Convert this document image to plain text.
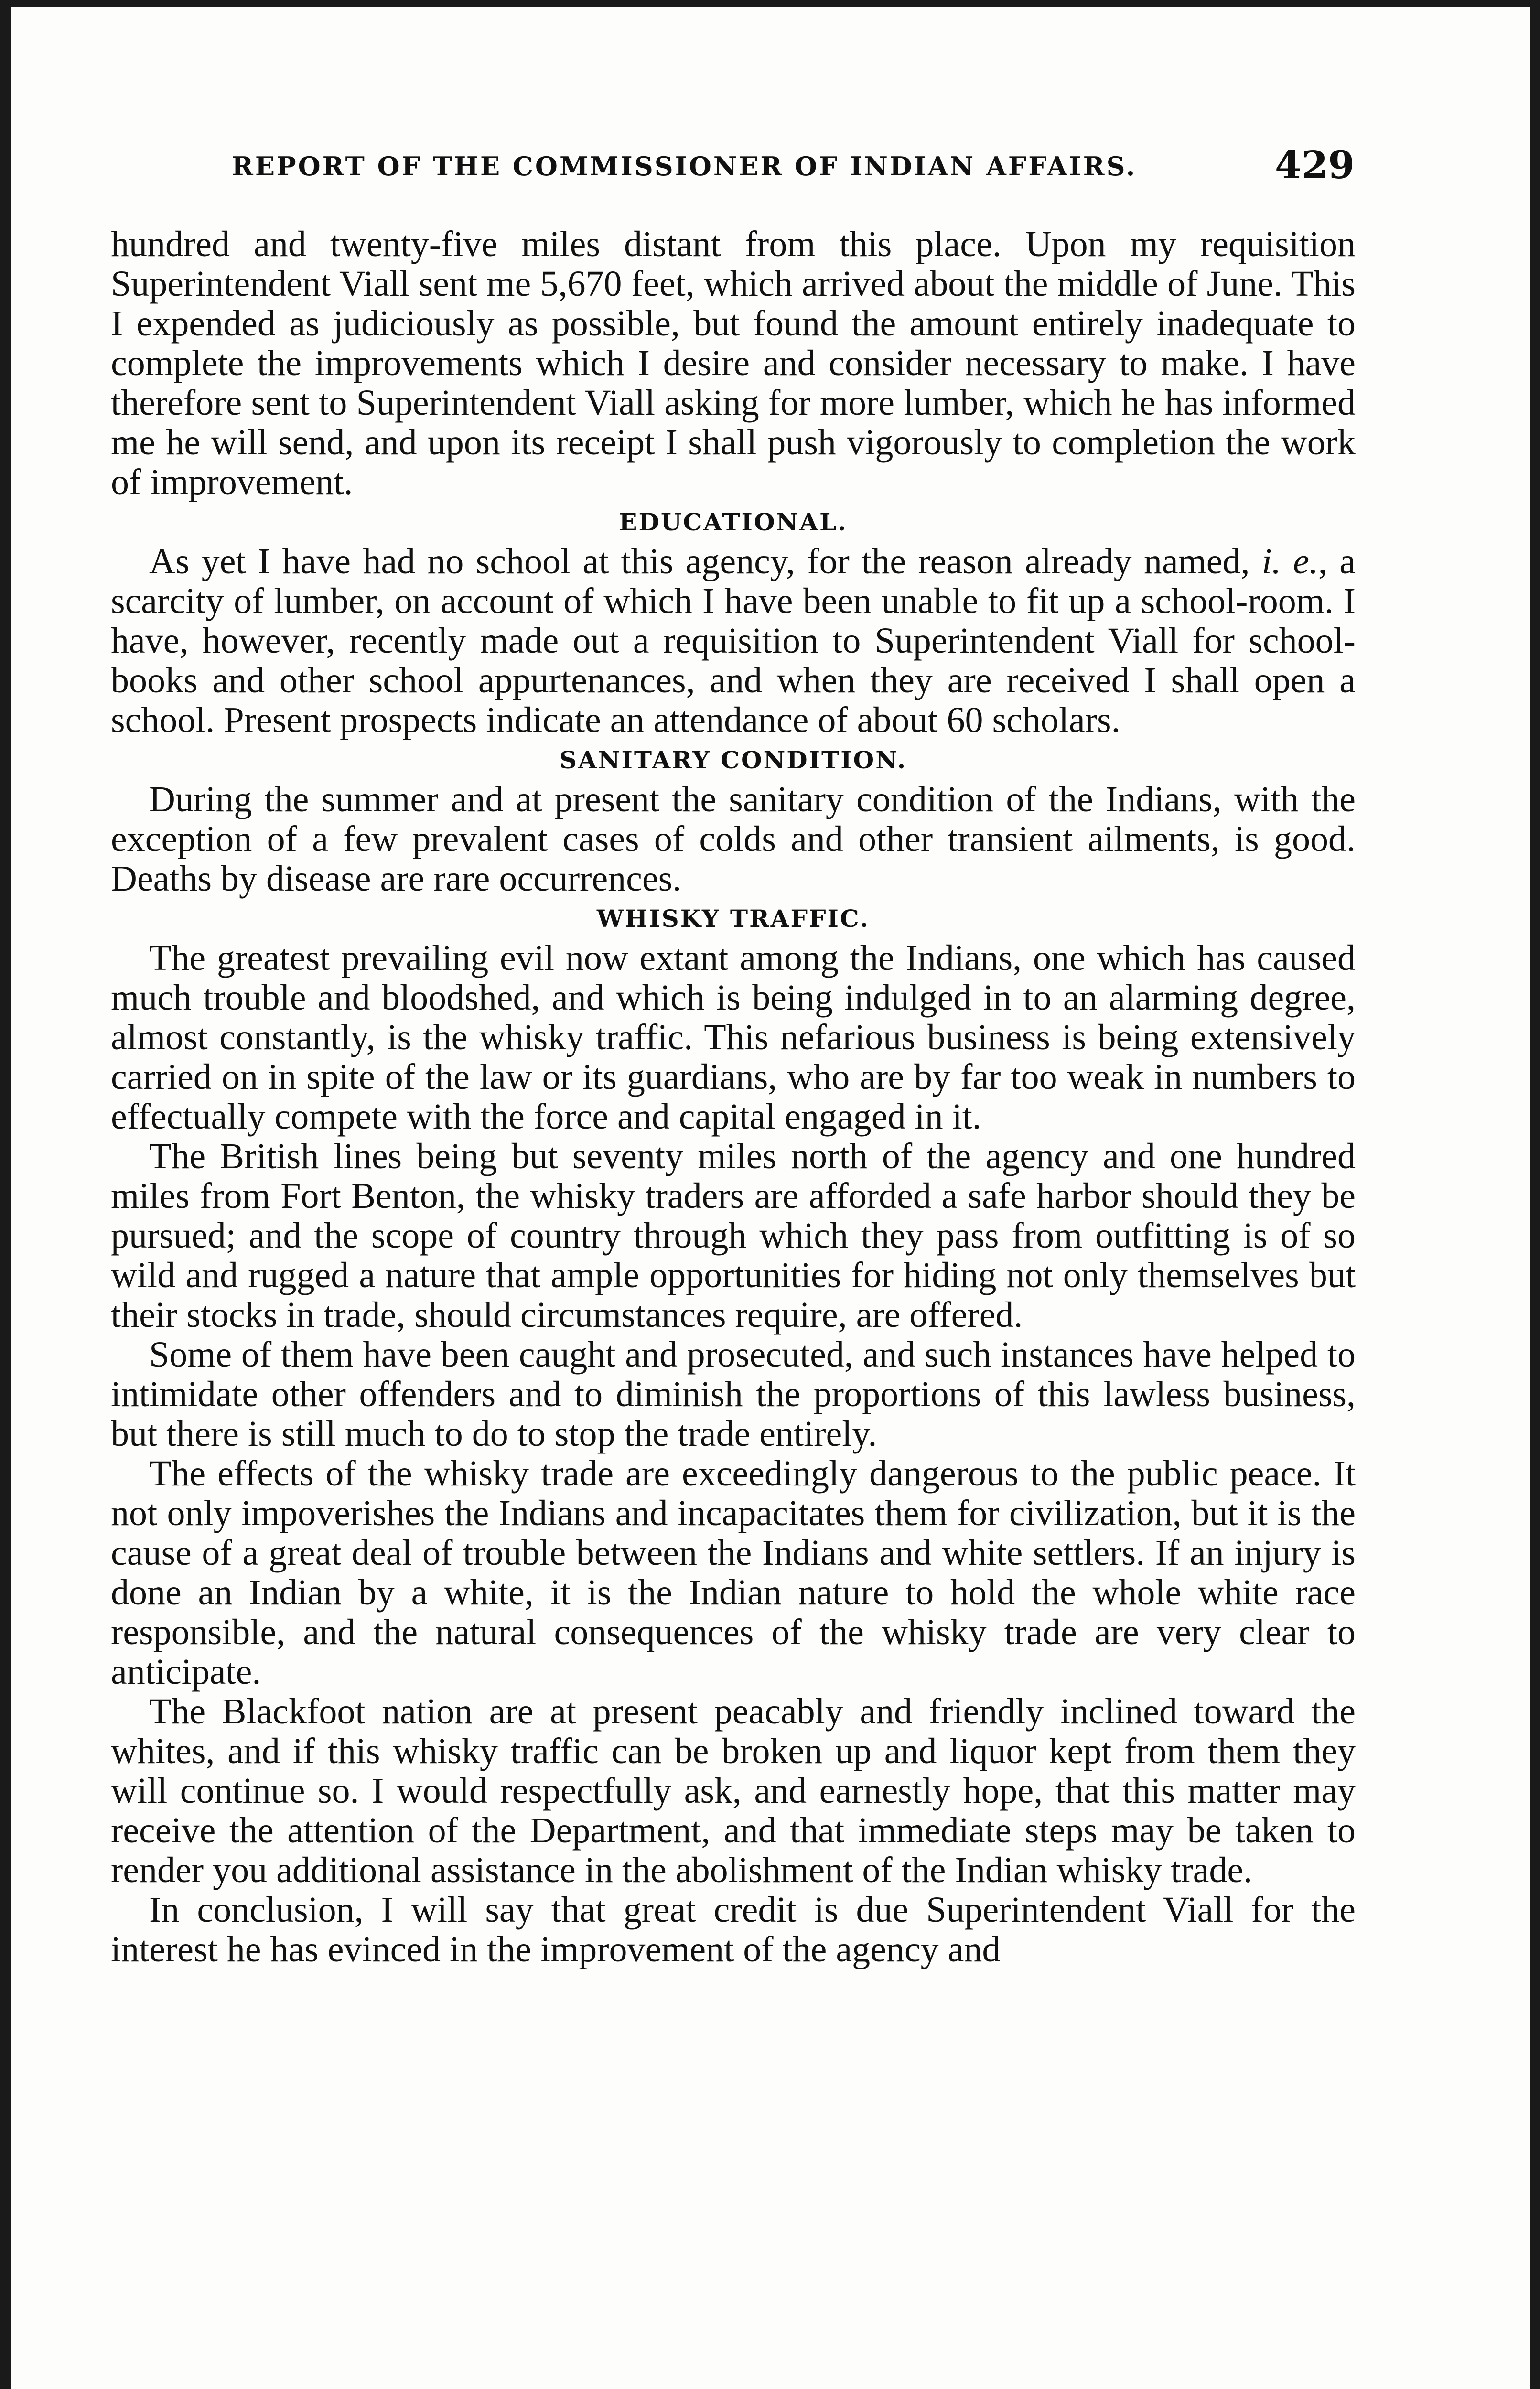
REPORT OF THE COMMISSIONER OF INDIAN AFFAIRS.	429

hundred and twenty-five miles distant from this place. Upon my requisition Superintendent Viall sent me 5,670 feet, which arrived about the middle of June. This I expended as judiciously as possible, but found the amount entirely inadequate to complete the improvements which I desire and consider necessary to make. I have therefore sent to Superintendent Viall asking for more lumber, which he has informed me he will send, and upon its receipt I shall push vigorously to completion the work of improvement.

EDUCATIONAL.

As yet I have had no school at this agency, for the reason already named, i. e., a scarcity of lumber, on account of which I have been unable to fit up a school-room. I have, however, recently made out a requisition to Superintendent Viall for school-books and other school appurtenances, and when they are received I shall open a school. Present prospects indicate an attendance of about 60 scholars.

SANITARY CONDITION.

During the summer and at present the sanitary condition of the Indians, with the exception of a few prevalent cases of colds and other transient ailments, is good. Deaths by disease are rare occurrences.

WHISKY TRAFFIC.

The greatest prevailing evil now extant among the Indians, one which has caused much trouble and bloodshed, and which is being indulged in to an alarming degree, almost constantly, is the whisky traffic. This nefarious business is being extensively carried on in spite of the law or its guardians, who are by far too weak in numbers to effectually compete with the force and capital engaged in it.

The British lines being but seventy miles north of the agency and one hundred miles from Fort Benton, the whisky traders are afforded a safe harbor should they be pursued; and the scope of country through which they pass from outfitting is of so wild and rugged a nature that ample opportunities for hiding not only themselves but their stocks in trade, should circumstances require, are offered.

Some of them have been caught and prosecuted, and such instances have helped to intimidate other offenders and to diminish the proportions of this lawless business, but there is still much to do to stop the trade entirely.

The effects of the whisky trade are exceedingly dangerous to the public peace. It not only impoverishes the Indians and incapacitates them for civilization, but it is the cause of a great deal of trouble between the Indians and white settlers. If an injury is done an Indian by a white, it is the Indian nature to hold the whole white race responsible, and the natural consequences of the whisky trade are very clear to anticipate.

The Blackfoot nation are at present peacably and friendly inclined toward the whites, and if this whisky traffic can be broken up and liquor kept from them they will continue so. I would respectfully ask, and earnestly hope, that this matter may receive the attention of the Department, and that immediate steps may be taken to render you additional assistance in the abolishment of the Indian whisky trade.

In conclusion, I will say that great credit is due Superintendent Viall for the interest he has evinced in the improvement of the agency and
